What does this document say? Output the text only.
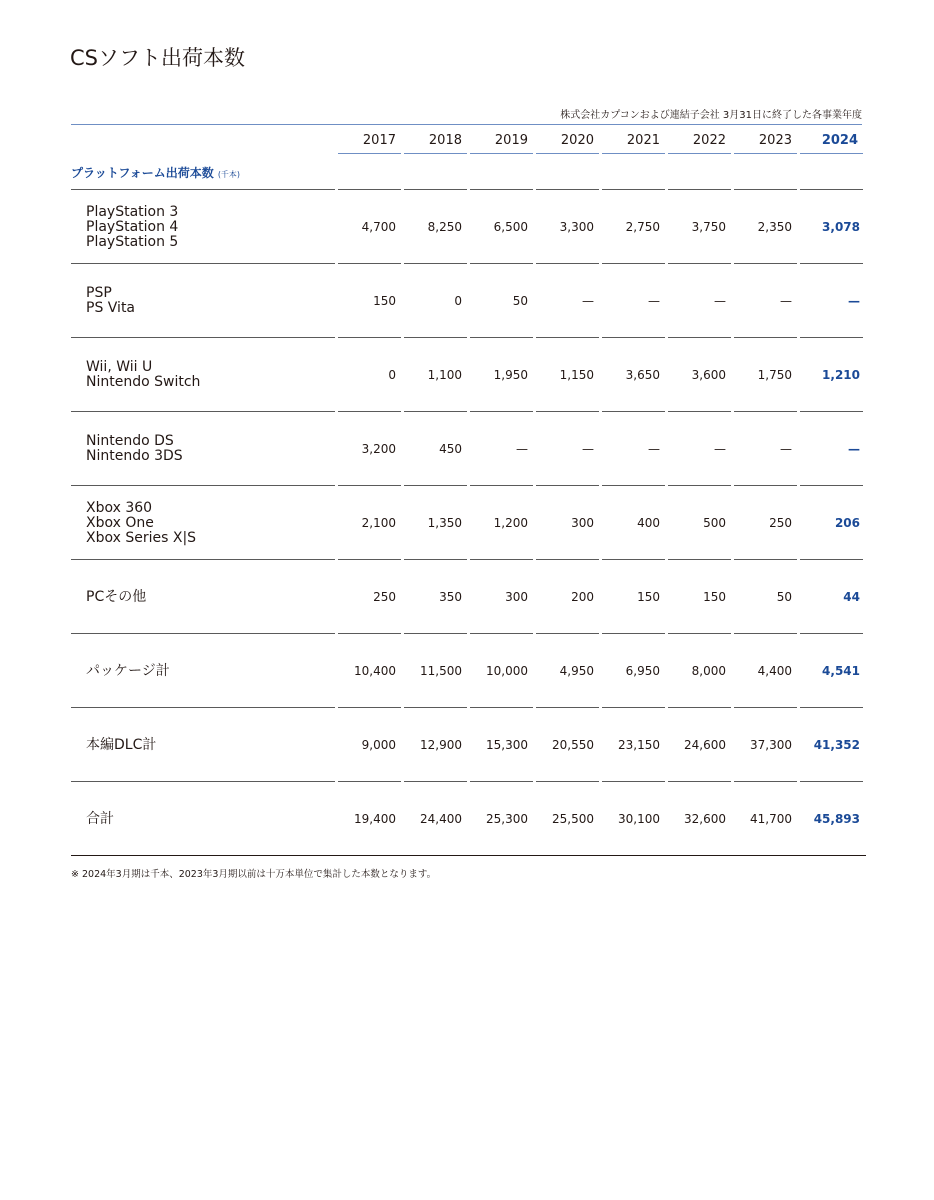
CSソフト出荷本数
株式会社カプコンおよび連結子会社 3月31日に終了した各事業年度
	2017	2018	2019	2020	2021	2022	2023	2024
プラットフォーム出荷本数 (千本)								

PlayStation 3
PlayStation 4
PlayStation 5	4,700	8,250	6,500	3,300	2,750	3,750	2,350	3,078

PSP
PS Vita	150	0	50	—	—	—	—	—

Wii, Wii U
Nintendo Switch	0	1,100	1,950	1,150	3,650	3,600	1,750	1,210

Nintendo DS
Nintendo 3DS	3,200	450	—	—	—	—	—	—

Xbox 360
Xbox One
Xbox Series X|S	2,100	1,350	1,200	300	400	500	250	206

PCその他	250	350	300	200	150	150	50	44

パッケージ計	10,400	11,500	10,000	4,950	6,950	8,000	4,400	4,541

本編DLC計	9,000	12,900	15,300	20,550	23,150	24,600	37,300	41,352

合計	19,400	24,400	25,300	25,500	30,100	32,600	41,700	45,893
※ 2024年3月期は千本、2023年3月期以前は十万本単位で集計した本数となります。
